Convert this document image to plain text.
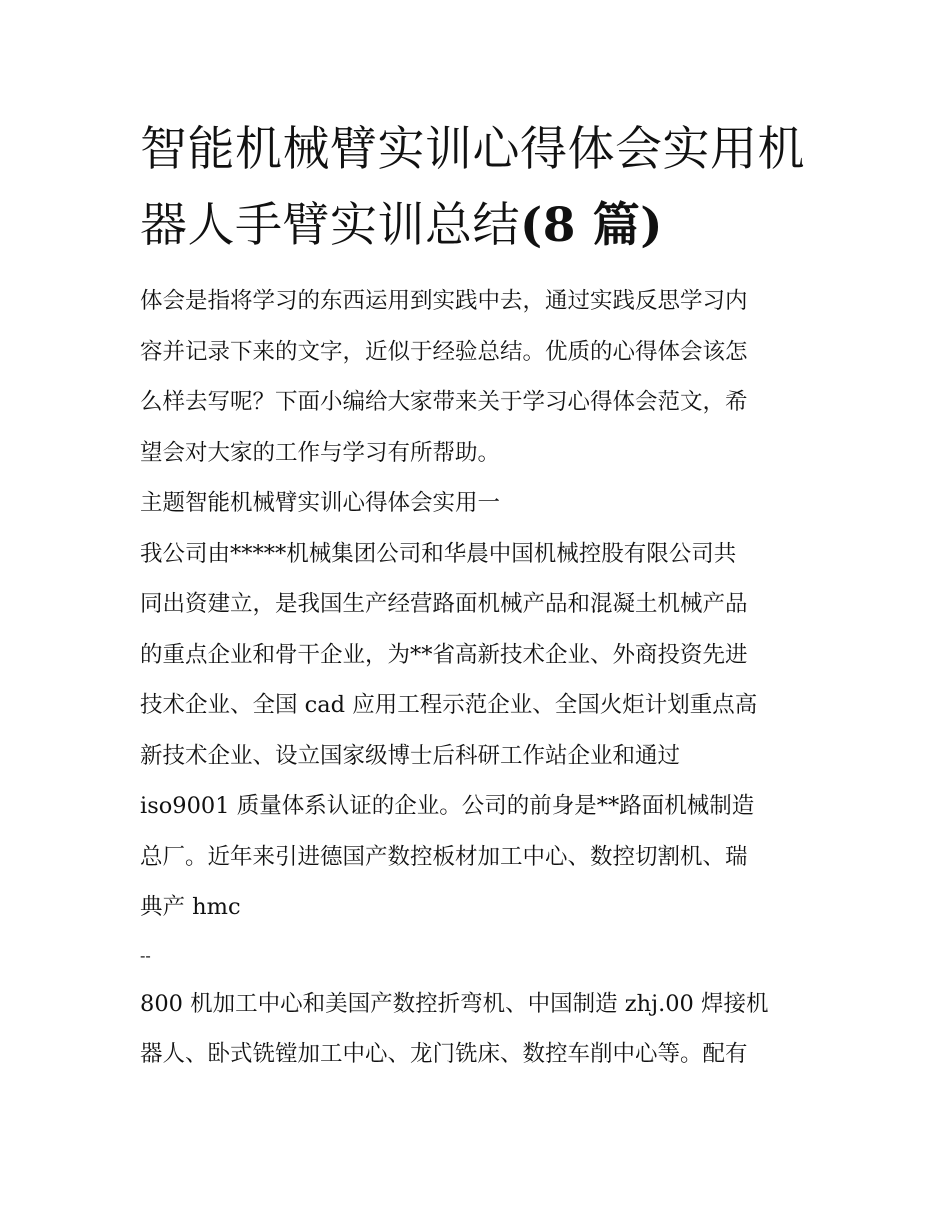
智能机械臂实训心得体会实用机器人手臂实训总结(8 篇)

体会是指将学习的东西运用到实践中去，通过实践反思学习内

容并记录下来的文字，近似于经验总结。优质的心得体会该怎

么样去写呢？下面小编给大家带来关于学习心得体会范文，希

望会对大家的工作与学习有所帮助。

主题智能机械臂实训心得体会实用一

我公司由*****机械集团公司和华晨中国机械控股有限公司共

同出资建立，是我国生产经营路面机械产品和混凝土机械产品

的重点企业和骨干企业，为**省高新技术企业、外商投资先进

技术企业、全国 cad 应用工程示范企业、全国火炬计划重点高

新技术企业、设立国家级博士后科研工作站企业和通过

iso9001 质量体系认证的企业。公司的前身是**路面机械制造

总厂。近年来引进德国产数控板材加工中心、数控切割机、瑞

典产 hmc

--

800 机加工中心和美国产数控折弯机、中国制造 zhj.00 焊接机

器人、卧式铣镗加工中心、龙门铣床、数控车削中心等。配有
